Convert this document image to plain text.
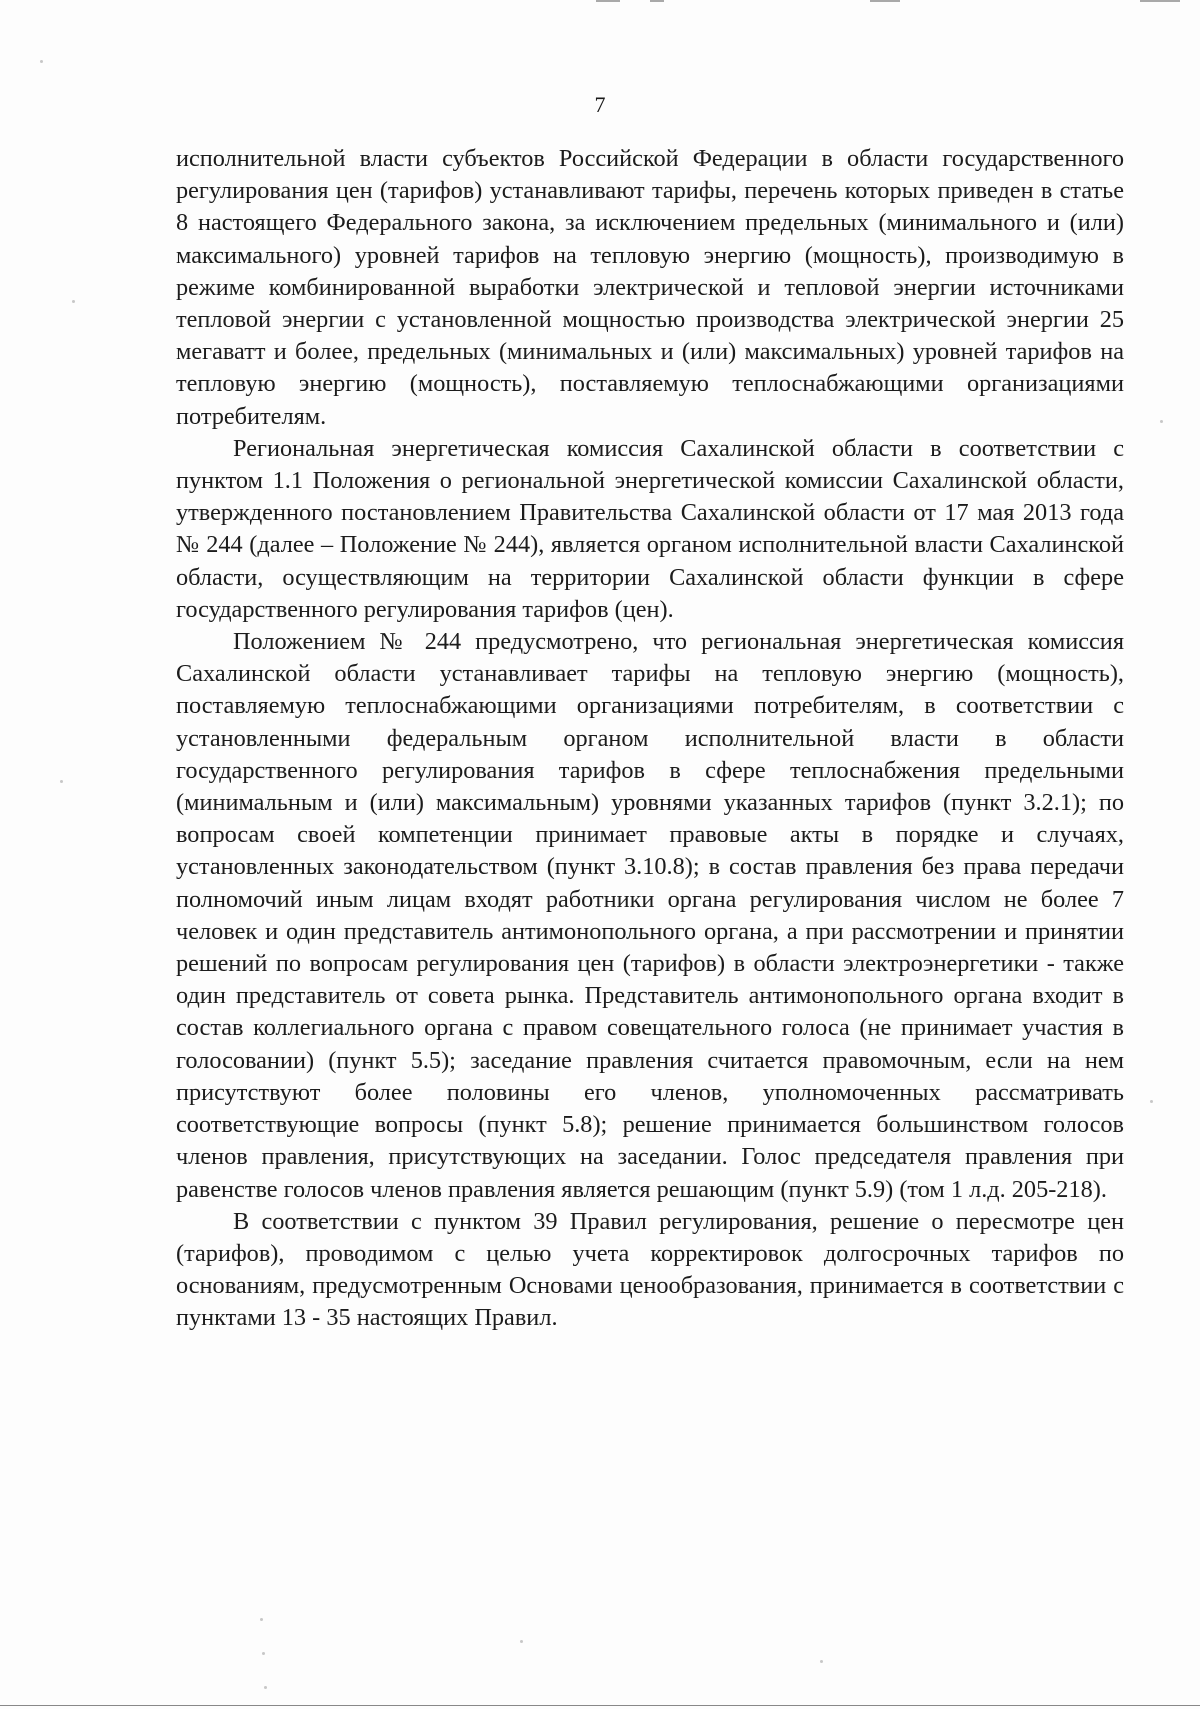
7

исполнительной власти субъектов Российской Федерации в области государственного регулирования цен (тарифов) устанавливают тарифы, перечень которых приведен в статье 8 настоящего Федерального закона, за исключением предельных (минимального и (или) максимального) уровней тарифов на тепловую энергию (мощность), производимую в режиме комбинированной выработки электрической и тепловой энергии источниками тепловой энергии с установленной мощностью производства электрической энергии 25 мегаватт и более, предельных (минимальных и (или) максимальных) уровней тарифов на тепловую энергию (мощность), поставляемую теплоснабжающими организациями потребителям.

Региональная энергетическая комиссия Сахалинской области в соответствии с пунктом 1.1 Положения о региональной энергетической комиссии Сахалинской области, утвержденного постановлением Правительства Сахалинской области от 17 мая 2013 года № 244 (далее – Положение № 244), является органом исполнительной власти Сахалинской области, осуществляющим на территории Сахалинской области функции в сфере государственного регулирования тарифов (цен).

Положением № 244 предусмотрено, что региональная энергетическая комиссия Сахалинской области устанавливает тарифы на тепловую энергию (мощность), поставляемую теплоснабжающими организациями потребителям, в соответствии с установленными федеральным органом исполнительной власти в области государственного регулирования тарифов в сфере теплоснабжения предельными (минимальным и (или) максимальным) уровнями указанных тарифов (пункт 3.2.1); по вопросам своей компетенции принимает правовые акты в порядке и случаях, установленных законодательством (пункт 3.10.8); в состав правления без права передачи полномочий иным лицам входят работники органа регулирования числом не более 7 человек и один представитель антимонопольного органа, а при рассмотрении и принятии решений по вопросам регулирования цен (тарифов) в области электроэнергетики - также один представитель от совета рынка. Представитель антимонопольного органа входит в состав коллегиального органа с правом совещательного голоса (не принимает участия в голосовании) (пункт 5.5); заседание правления считается правомочным, если на нем присутствуют более половины его членов, уполномоченных рассматривать соответствующие вопросы (пункт 5.8); решение принимается большинством голосов членов правления, присутствующих на заседании. Голос председателя правления при равенстве голосов членов правления является решающим (пункт 5.9) (том 1 л.д. 205-218).

В соответствии с пунктом 39 Правил регулирования, решение о пересмотре цен (тарифов), проводимом с целью учета корректировок долгосрочных тарифов по основаниям, предусмотренным Основами ценообразования, принимается в соответствии с пунктами 13 - 35 настоящих Правил.
